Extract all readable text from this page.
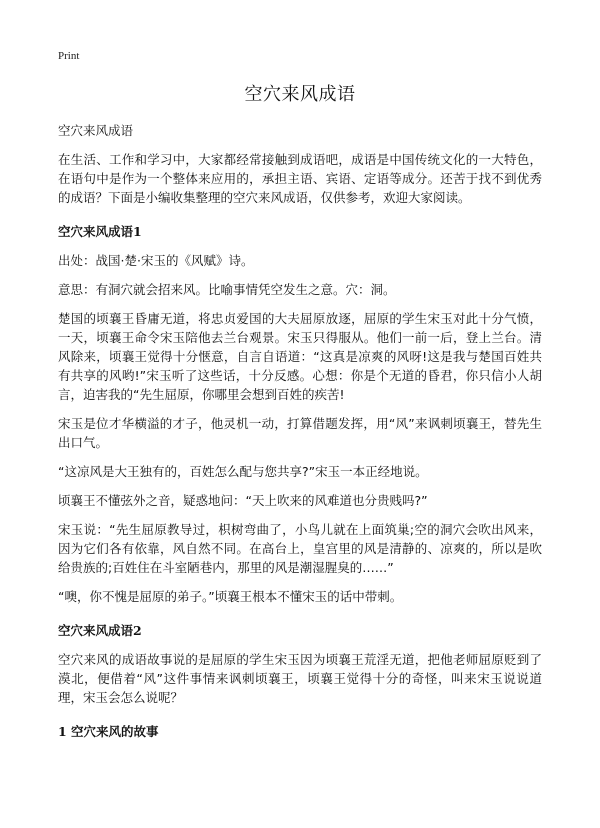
Print
空穴来风成语
空穴来风成语

在生活、工作和学习中，大家都经常接触到成语吧，成语是中国传统文化的一大特色，在语句中是作为一个整体来应用的，承担主语、宾语、定语等成分。还苦于找不到优秀的成语？下面是小编收集整理的空穴来风成语，仅供参考，欢迎大家阅读。

空穴来风成语1

出处：战国·楚·宋玉的《风赋》诗。

意思：有洞穴就会招来风。比喻事情凭空发生之意。穴：洞。

楚国的顷襄王昏庸无道，将忠贞爱国的大夫屈原放逐，屈原的学生宋玉对此十分气愤，一天，顷襄王命令宋玉陪他去兰台观景。宋玉只得服从。他们一前一后，登上兰台。清风除来，顷襄王觉得十分惬意，自言自语道：“这真是凉爽的风呀!这是我与楚国百姓共有共享的风哟!”宋玉听了这些话，十分反感。心想：你是个无道的昏君，你只信小人胡言，迫害我的“先生屈原，你哪里会想到百姓的疾苦!

宋玉是位才华横溢的才子，他灵机一动，打算借题发挥，用“风”来讽刺顷襄王，替先生出口气。

“这凉风是大王独有的，百姓怎么配与您共享?”宋玉一本正经地说。

顷襄王不懂弦外之音，疑惑地问：“天上吹来的风难道也分贵贱吗?”

宋玉说：“先生屈原教导过，枳树弯曲了，小鸟儿就在上面筑巢;空的洞穴会吹出风来，因为它们各有依靠，风自然不同。在高台上，皇宫里的风是清静的、凉爽的，所以是吹给贵族的;百姓住在斗室陋巷内，那里的风是潮湿腥臭的……”

“噢，你不愧是屈原的弟子。”顷襄王根本不懂宋玉的话中带刺。

空穴来风成语2

空穴来风的成语故事说的是屈原的学生宋玉因为顷襄王荒淫无道，把他老师屈原贬到了漠北，便借着“风”这件事情来讽刺顷襄王，顷襄王觉得十分的奇怪，叫来宋玉说说道理，宋玉会怎么说呢？

1 空穴来风的故事
